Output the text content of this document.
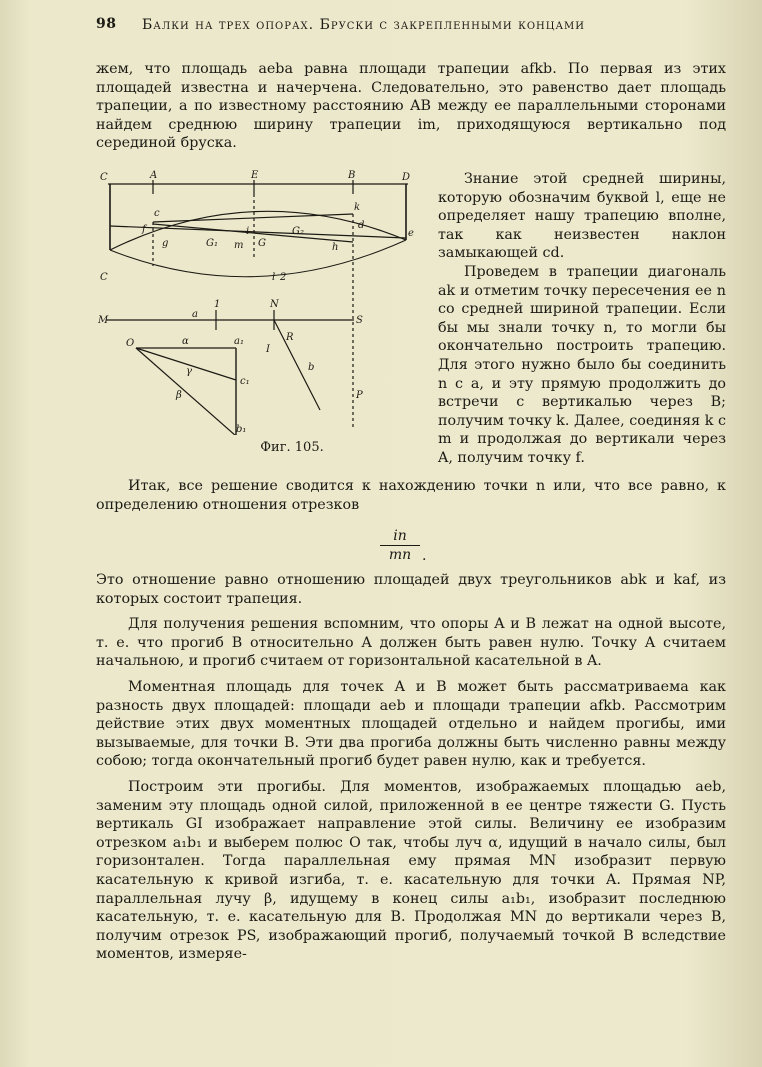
98 Балки на трех опорах. Бруски с закрепленными концами

жем, что площадь aeba равна площади трапеции afkb. По первая из этих площадей известна и начерчена. Следовательно, это равенство дает площадь трапеции, а по известному расстоянию AB между ее параллельными сторонами найдем среднюю ширину трапеции im, приходящуюся вертикально под серединой бруска.

C	A	E	B	D
C
f
k
g	G₁ m G
G₂
h
i	e
c
d
M
a
1	N
l 2
S
R
I
b
P
O	a₁
c₁
b₁
α
γ
β
Фиг. 105.

Знание этой средней ширины, которую обозначим буквой l, еще не определяет нашу трапецию вполне, так как неизвестен наклон замыкающей cd.

Проведем в трапеции диагональ ak и отметим точку пересечения ее n со средней шириной трапеции. Если бы мы знали точку n, то могли бы окончательно построить трапецию. Для этого нужно было бы соединить n с a, и эту прямую продолжить до встречи с вертикалью через B; получим точку k. Далее, соединяя k с m и продолжая до вертикали через A, получим точку f.

Итак, все решение сводится к нахождению точки n или, что все равно, к определению отношения отрезков

in
mn .

Это отношение равно отношению площадей двух треугольников abk и kaf, из которых состоит трапеция.

Для получения решения вспомним, что опоры A и B лежат на одной высоте, т. е. что прогиб B относительно A должен быть равен нулю. Точку A считаем начальною, и прогиб считаем от горизонтальной касательной в A.

Моментная площадь для точек A и B может быть рассматриваема как разность двух площадей: площади aeb и площади трапеции afkb. Рассмотрим действие этих двух моментных площадей отдельно и найдем прогибы, ими вызываемые, для точки B. Эти два прогиба должны быть численно равны между собою; тогда окончательный прогиб будет равен нулю, как и требуется.

Построим эти прогибы. Для моментов, изображаемых площадью aeb, заменим эту площадь одной силой, приложенной в ее центре тяжести G. Пусть вертикаль GI изображает направление этой силы. Величину ее изобразим отрезком a₁b₁ и выберем полюс O так, чтобы луч α, идущий в начало силы, был горизонтален. Тогда параллельная ему прямая MN изобразит первую касательную к кривой изгиба, т. е. касательную для точки A. Прямая NP, параллельная лучу β, идущему в конец силы a₁b₁, изобразит последнюю касательную, т. е. касательную для B. Продолжая MN до вертикали через B, получим отрезок PS, изображающий прогиб, получаемый точкой B вследствие моментов, измеряе-
